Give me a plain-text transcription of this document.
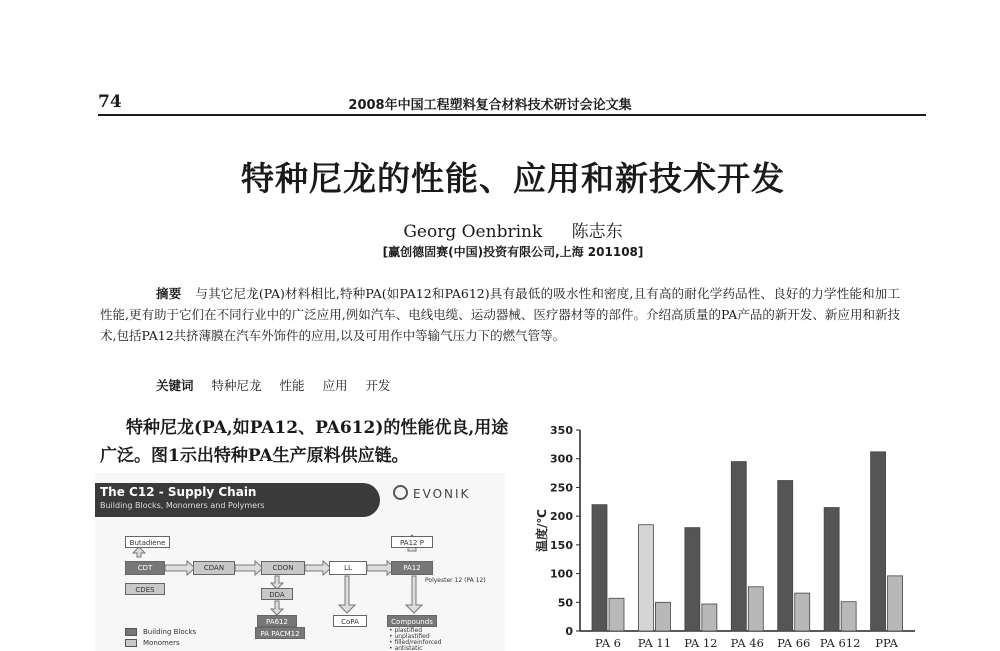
74	2008年中国工程塑料复合材料技术研讨会论文集
特种尼龙的性能、应用和新技术开发
Georg Oenbrink 陈志东
[赢创德固赛(中国)投资有限公司,上海 201108]
摘要 与其它尼龙(PA)材料相比,特种PA(如PA12和PA612)具有最低的吸水性和密度,且有高的耐化学药品性、良好的力学性能和加工性能,更有助于它们在不同行业中的广泛应用,例如汽车、电线电缆、运动器械、医疗器材等的部件。介绍高质量的PA产品的新开发、新应用和新技术,包括PA12共挤薄膜在汽车外饰件的应用,以及可用作中等输气压力下的燃气管等。
关键词 特种尼龙 性能 应用 开发
特种尼龙(PA,如PA12、PA612)的性能优良,用途广泛。图1示出特种PA生产原料供应链。
The C12 - Supply Chain
Building Blocks, Monomers and Polymers
EVONIK
Butadiene
CDT	CDAN	CDON	LL
PA12 P
PA12
CDES
DDA
PA612
PA PACM12
CoPA	Compounds
Polyester 12 (PA 12)
• plastified
• unplastified
• filled/reinforced
• antistatic
Building Blocks
Monomers
0
50
100
150
200
250
300
350
温度/℃
PA 6 PA 11 PA 12 PA 46 PA 66 PA 612 PPA
